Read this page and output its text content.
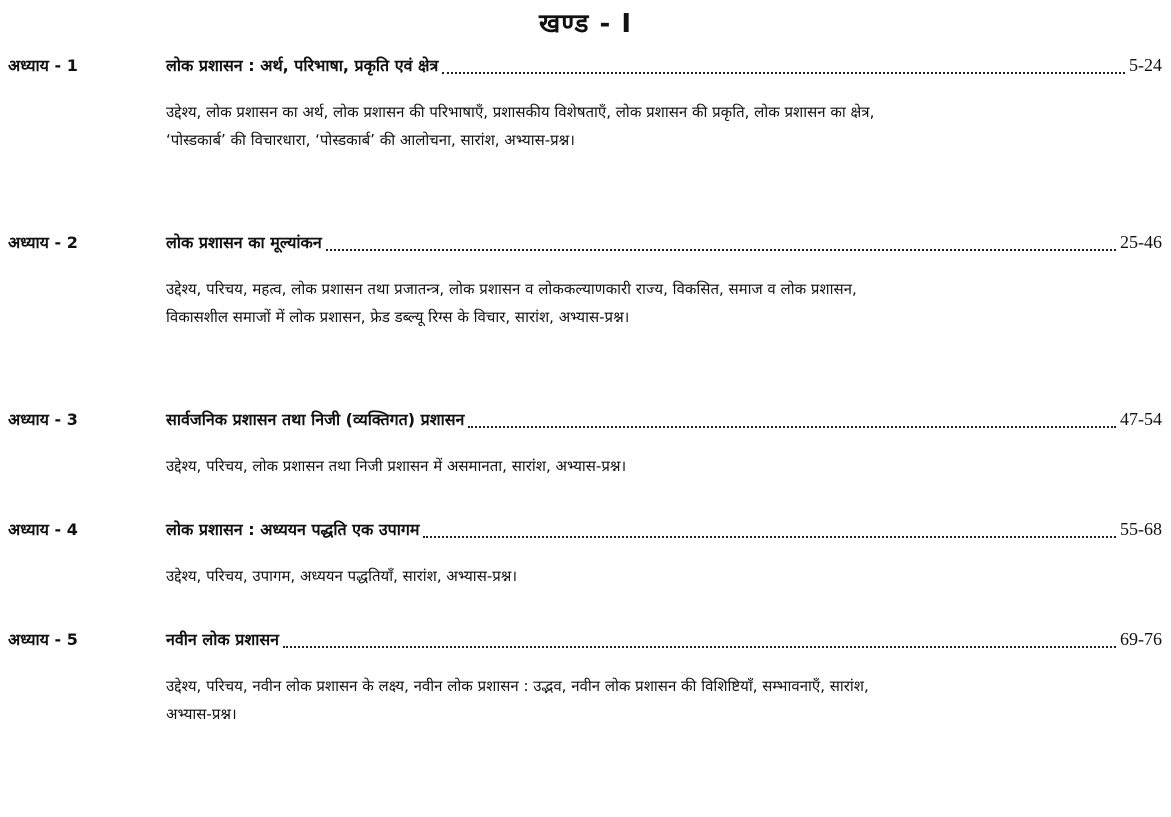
खण्ड - I
अध्याय - 1	लोक प्रशासन : अर्थ, परिभाषा, प्रकृति एवं क्षेत्र	5-24
उद्देश्य, लोक प्रशासन का अर्थ, लोक प्रशासन की परिभाषाएँ, प्रशासकीय विशेषताएँ, लोक प्रशासन की प्रकृति, लोक प्रशासन का क्षेत्र, ‘पोस्डकार्ब’ की विचारधारा, ‘पोस्डकार्ब’ की आलोचना, सारांश, अभ्यास-प्रश्न।
अध्याय - 2	लोक प्रशासन का मूल्यांकन	25-46
उद्देश्य, परिचय, महत्व, लोक प्रशासन तथा प्रजातन्त्र, लोक प्रशासन व लोककल्याणकारी राज्य, विकसित, समाज व लोक प्रशासन, विकासशील समाजों में लोक प्रशासन, फ्रेड डब्ल्यू रिग्स के विचार, सारांश, अभ्यास-प्रश्न।
अध्याय - 3	सार्वजनिक प्रशासन तथा निजी (व्यक्तिगत) प्रशासन	47-54
उद्देश्य, परिचय, लोक प्रशासन तथा निजी प्रशासन में असमानता, सारांश, अभ्यास-प्रश्न।
अध्याय - 4	लोक प्रशासन : अध्ययन पद्धति एक उपागम	55-68
उद्देश्य, परिचय, उपागम, अध्ययन पद्धतियाँ, सारांश, अभ्यास-प्रश्न।
अध्याय - 5	नवीन लोक प्रशासन	69-76
उद्देश्य, परिचय, नवीन लोक प्रशासन के लक्ष्य, नवीन लोक प्रशासन : उद्भव, नवीन लोक प्रशासन की विशिष्टियाँ, सम्भावनाएँ, सारांश, अभ्यास-प्रश्न।
